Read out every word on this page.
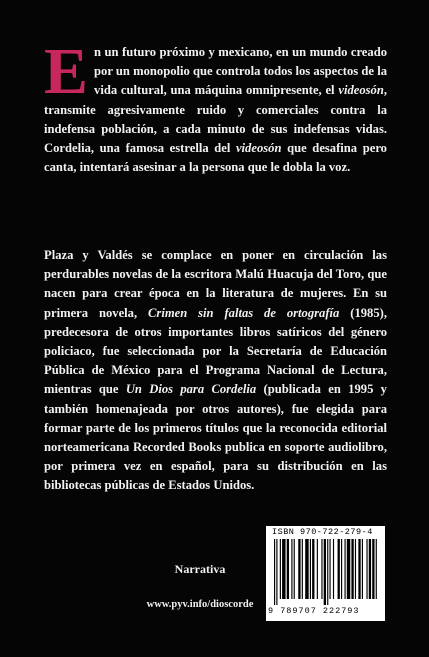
En un futuro próximo y mexicano, en un mundo creado por un monopolio que controla todos los aspectos de la vida cultural, una máquina omnipresente, el videosón, transmite agresivamente ruido y comerciales contra la indefensa población, a cada minuto de sus indefensas vidas. Cordelia, una famosa estrella del videosón que desafina pero canta, intentará asesinar a la persona que le dobla la voz.

Plaza y Valdés se complace en poner en circulación las perdurables novelas de la escritora Malú Huacuja del Toro, que nacen para crear época en la literatura de mujeres. En su primera novela, Crimen sin faltas de ortografía (1985), predecesora de otros importantes libros satíricos del género policiaco, fue seleccionada por la Secretaría de Educación Pública de México para el Programa Nacional de Lectura, mientras que Un Dios para Cordelia (publicada en 1995 y también homenajeada por otros autores), fue elegida para formar parte de los primeros títulos que la reconocida editorial norteamericana Recorded Books publica en soporte audiolibro, por primera vez en español, para su distribución en las bibliotecas públicas de Estados Unidos.

Narrativa
www.pyv.info/dioscorde
ISBN 970-722-279-4
9 789707 222793
